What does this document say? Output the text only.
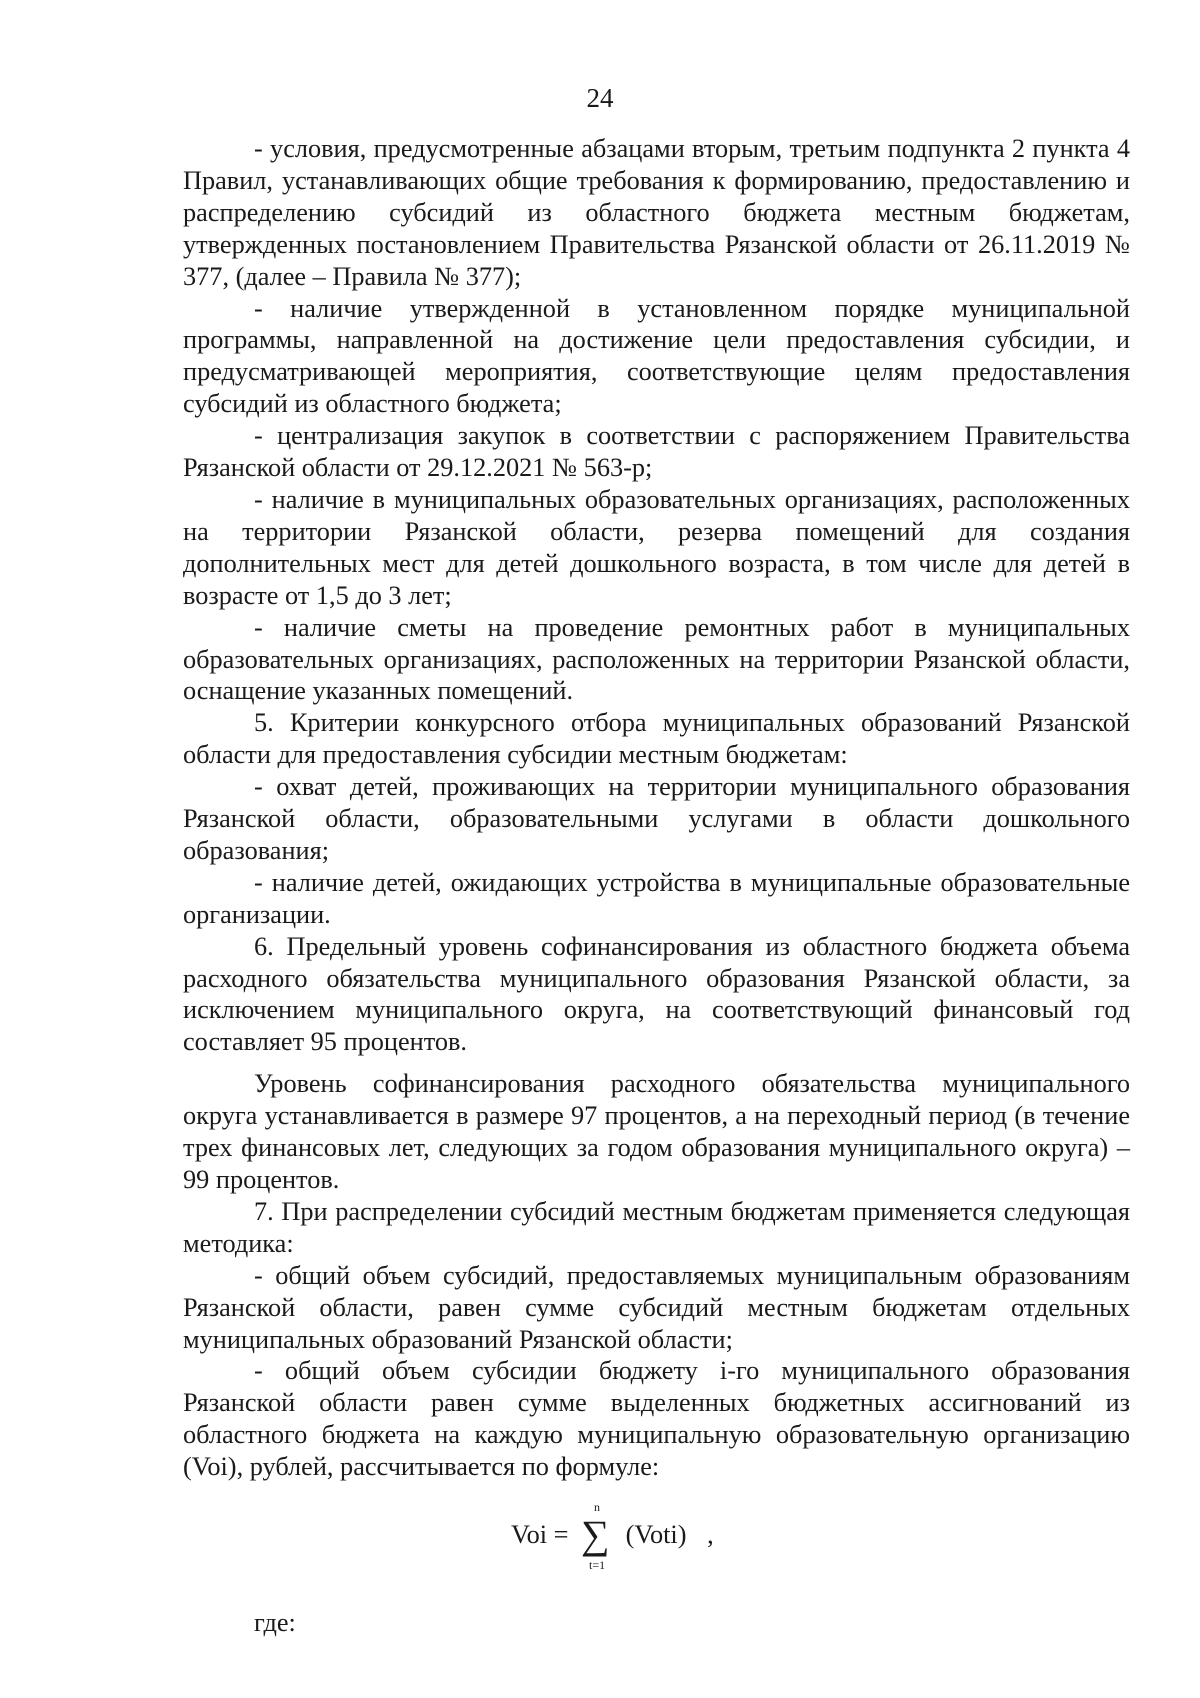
24

- условия, предусмотренные абзацами вторым, третьим подпункта 2 пункта 4 Правил, устанавливающих общие требования к формированию, предоставлению и распределению субсидий из областного бюджета местным бюджетам, утвержденных постановлением Правительства Рязанской области от 26.11.2019 № 377, (далее – Правила № 377);

- наличие утвержденной в установленном порядке муниципальной программы, направленной на достижение цели предоставления субсидии, и предусматривающей мероприятия, соответствующие целям предоставления субсидий из областного бюджета;

- централизация закупок в соответствии с распоряжением Правительства Рязанской области от 29.12.2021 № 563-р;

- наличие в муниципальных образовательных организациях, расположенных на территории Рязанской области, резерва помещений для создания дополнительных мест для детей дошкольного возраста, в том числе для детей в возрасте от 1,5 до 3 лет;

- наличие сметы на проведение ремонтных работ в муниципальных образовательных организациях, расположенных на территории Рязанской области, оснащение указанных помещений.

5. Критерии конкурсного отбора муниципальных образований Рязанской области для предоставления субсидии местным бюджетам:

- охват детей, проживающих на территории муниципального образования Рязанской области, образовательными услугами в области дошкольного образования;

- наличие детей, ожидающих устройства в муниципальные образовательные организации.

6. Предельный уровень софинансирования из областного бюджета объема расходного обязательства муниципального образования Рязанской области, за исключением муниципального округа, на соответствующий финансовый год составляет 95 процентов.

Уровень софинансирования расходного обязательства муниципального округа устанавливается в размере 97 процентов, а на переходный период (в течение трех финансовых лет, следующих за годом образования муниципального округа) – 99 процентов.

7. При распределении субсидий местным бюджетам применяется следующая методика:

- общий объем субсидий, предоставляемых муниципальным образованиям Рязанской области, равен сумме субсидий местным бюджетам отдельных муниципальных образований Рязанской области;

- общий объем субсидии бюджету i-го муниципального образования Рязанской области равен сумме выделенных бюджетных ассигнований из областного бюджета на каждую муниципальную образовательную организацию (Voi), рублей, рассчитывается по формуле:

Voi =
n
∑
t=1
(Voti) ,

где:
